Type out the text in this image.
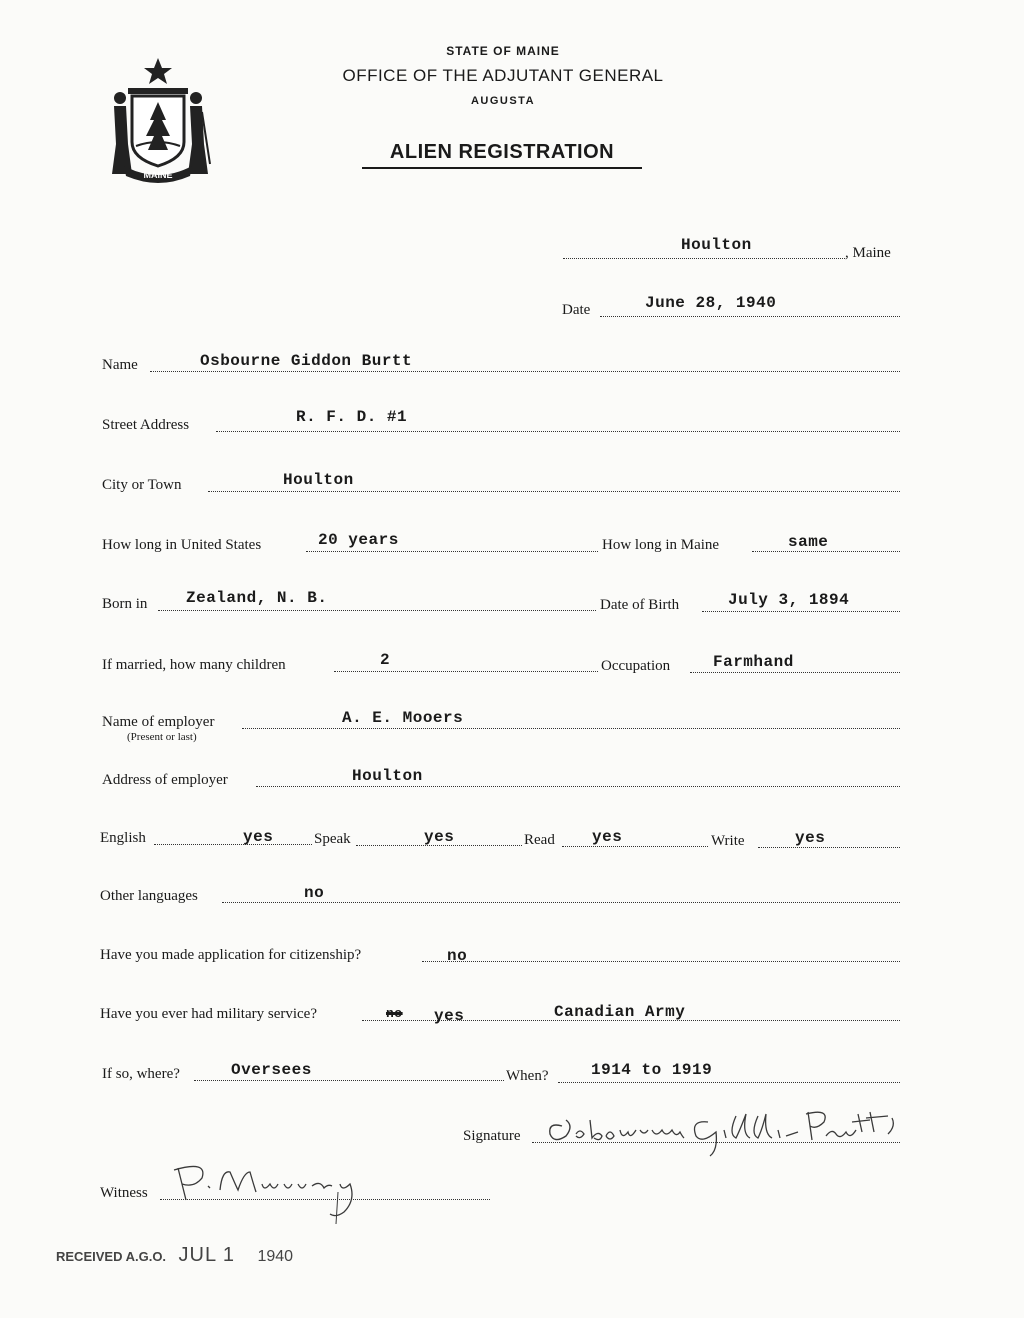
MAINE
STATE OF MAINE
OFFICE OF THE ADJUTANT GENERAL
AUGUSTA
ALIEN REGISTRATION
Houlton	, Maine
Date	June 28, 1940
Name	Osbourne Giddon Burtt
Street Address	R. F. D. #1
City or Town	Houlton
How long in United States	20 years	How long in Maine	same
Born in Zealand, N. B.	Date of Birth	July 3, 1894
If married, how many children	2	Occupation	Farmhand
Name of employer
(Present or last)
A. E. Mooers
Address of employer	Houlton
English	yes	Speak	yes	Read yes	Write	yes
Other languages	no
Have you made application for citizenship?	no
Have you ever had military service?	no yes	Canadian Army
If so, where?	Oversees	When?	1914 to 1919
Signature
Witness
RECEIVED A.G.O. JUL 1 1940
